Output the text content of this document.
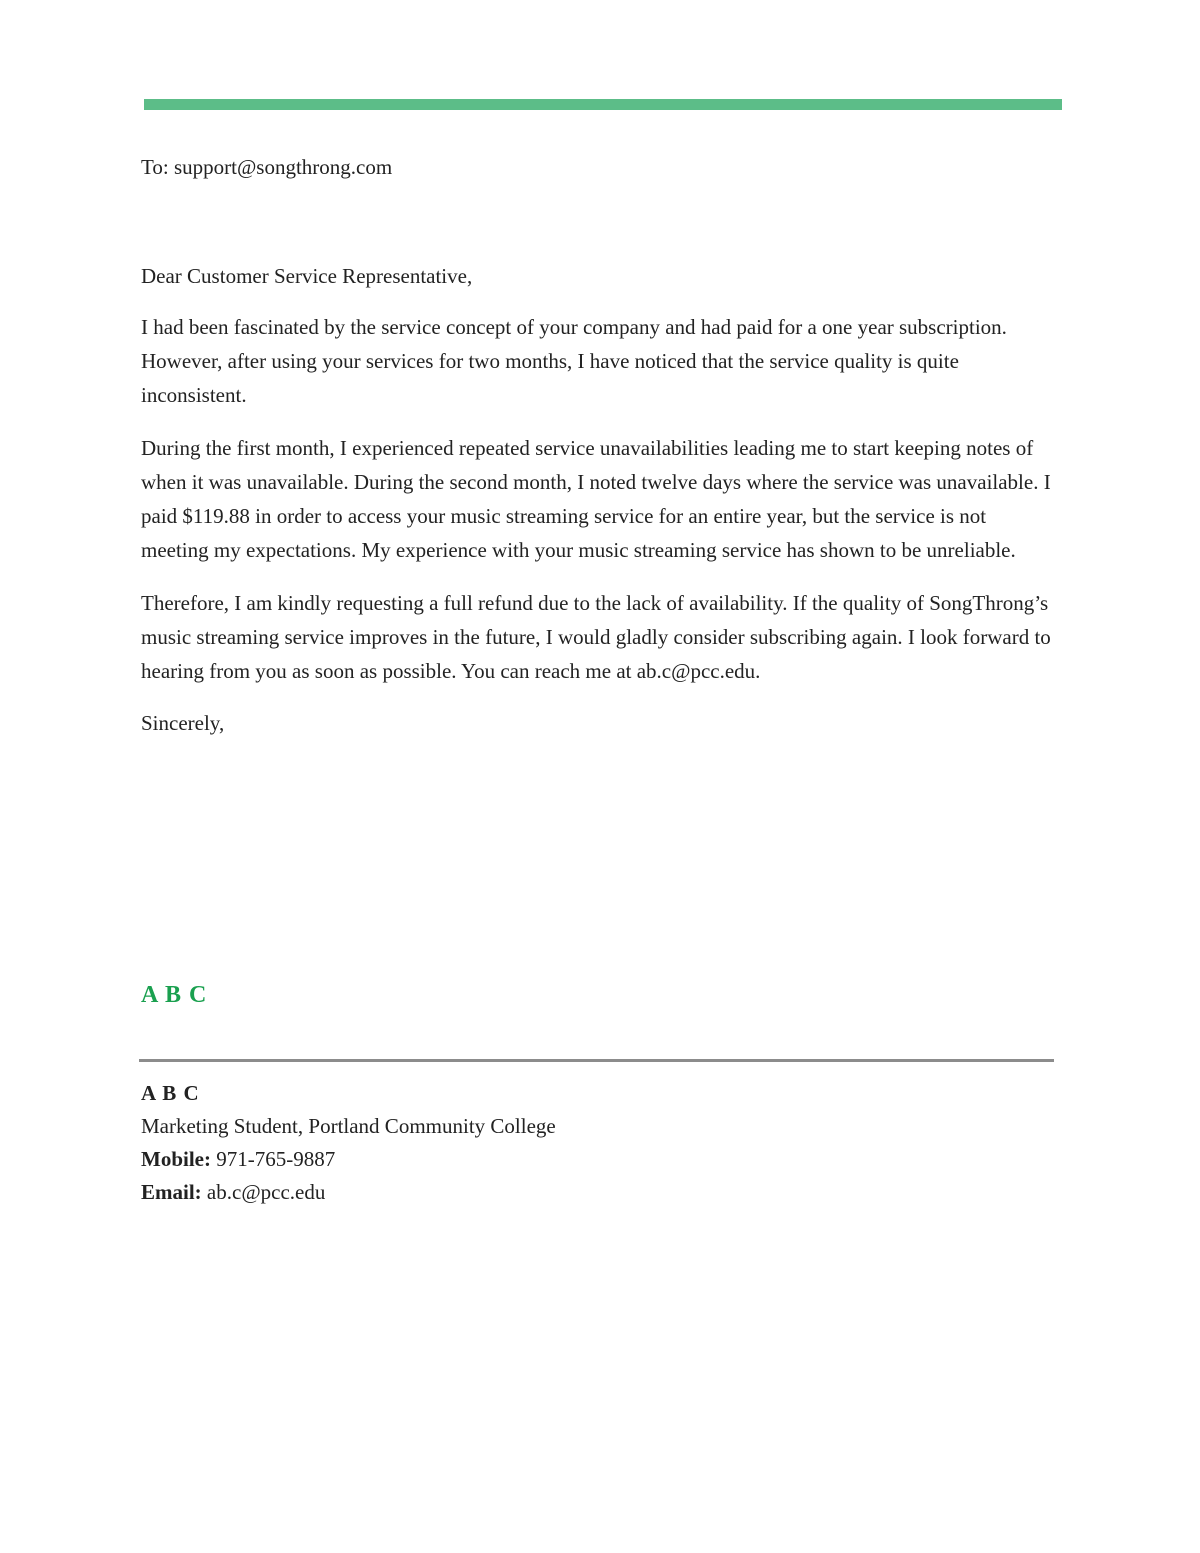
To: support@songthrong.com

Dear Customer Service Representative,

I had been fascinated by the service concept of your company and had paid for a one year subscription. However, after using your services for two months, I have noticed that the service quality is quite inconsistent.

During the first month, I experienced repeated service unavailabilities leading me to start keeping notes of when it was unavailable. During the second month, I noted twelve days where the service was unavailable. I paid $119.88 in order to access your music streaming service for an entire year, but the service is not meeting my expectations. My experience with your music streaming service has shown to be unreliable.

Therefore, I am kindly requesting a full refund due to the lack of availability. If the quality of SongThrong’s music streaming service improves in the future, I would gladly consider subscribing again. I look forward to hearing from you as soon as possible. You can reach me at ab.c@pcc.edu.

Sincerely,

A B C

A B C
Marketing Student, Portland Community College
Mobile: 971-765-9887
Email: ab.c@pcc.edu
